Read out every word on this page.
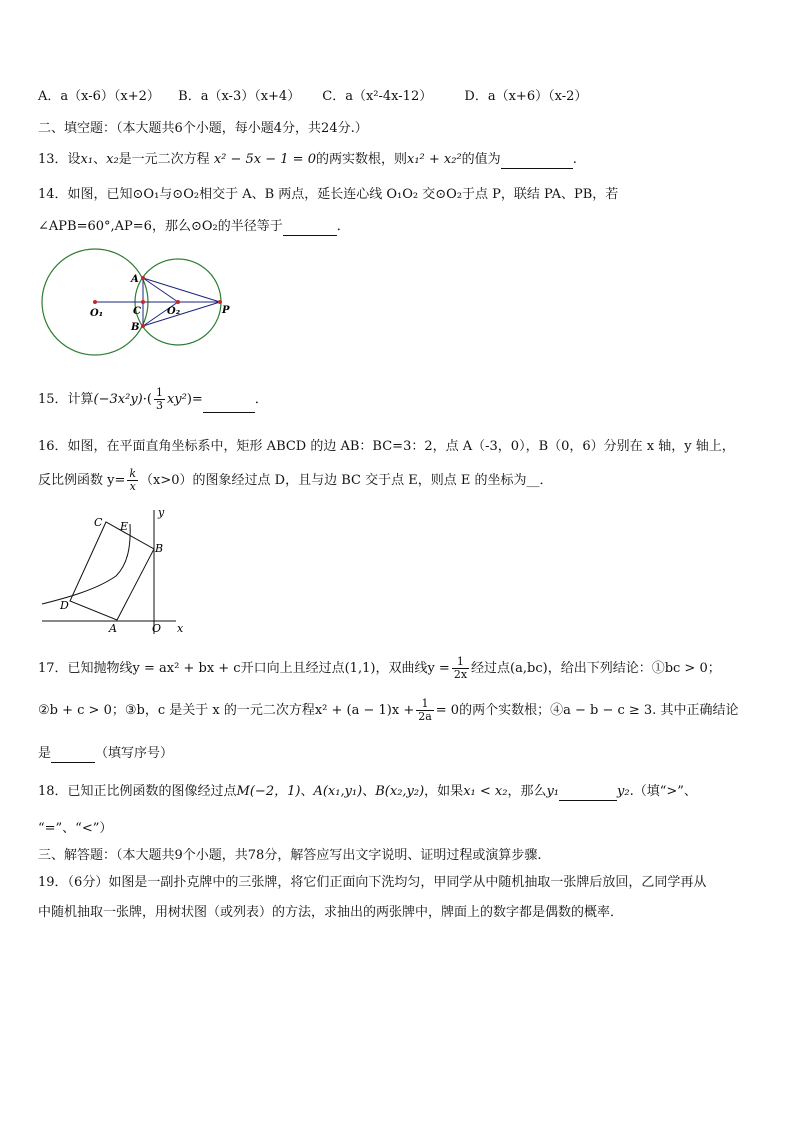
A．a（x-6）（x+2） B．a（x-3）（x+4） C．a（x²-4x-12） D．a（x+6）（x-2）
二、填空题：（本大题共6个小题，每小题4分，共24分.）
13．设x₁、x₂是一元二次方程 x² − 5x − 1 = 0的两实数根，则x₁² + x₂²的值为	.
14．如图，已知⊙O₁与⊙O₂相交于 A、B 两点，延长连心线 O₁O₂ 交⊙O₂于点 P，联结 PA、PB，若
∠APB=60°,AP=6，那么⊙O₂的半径等于	．
A
B
C
O₁	O₂	P
15．计算$(-3x^2y)\cdot( \frac{1}{3} xy^2)=$	．
16．如图，在平面直角坐标系中，矩形 ABCD 的边 AB：BC=3：2，点 A（-3，0），B（0，6）分别在 x 轴，y 轴上，
反比例函数 $y= \frac{k}{x} (x>0)$的图象经过点 D，且与边 BC 交于点 E，则点 E 的坐标为__．
C E
y
B
D
A	O x
17．已知抛物线y = ax² + bx + c开口向上且经过点(1,1)，双曲线$y = \frac{1}{2x}$ 经过点(a,bc)，给出下列结论：①bc > 0；
②b + c > 0；③b，c 是关于 x 的一元二次方程$x^2 + (a - 1)x + \frac{1}{2a} = 0$的两个实数根；④a − b − c ≥ 3. 其中正确结论
是	（填写序号）
18．已知正比例函数的图像经过点M(−2，1)、A(x₁,y₁)、B(x₂,y₂)，如果x₁ < x₂，那么y₁	y₂.（填“>”、
“=”、“<”）
三、解答题：（本大题共9个小题，共78分，解答应写出文字说明、证明过程或演算步骤.
19．（6分）如图是一副扑克牌中的三张牌，将它们正面向下洗均匀，甲同学从中随机抽取一张牌后放回，乙同学再从
中随机抽取一张牌，用树状图（或列表）的方法，求抽出的两张牌中，牌面上的数字都是偶数的概率．
